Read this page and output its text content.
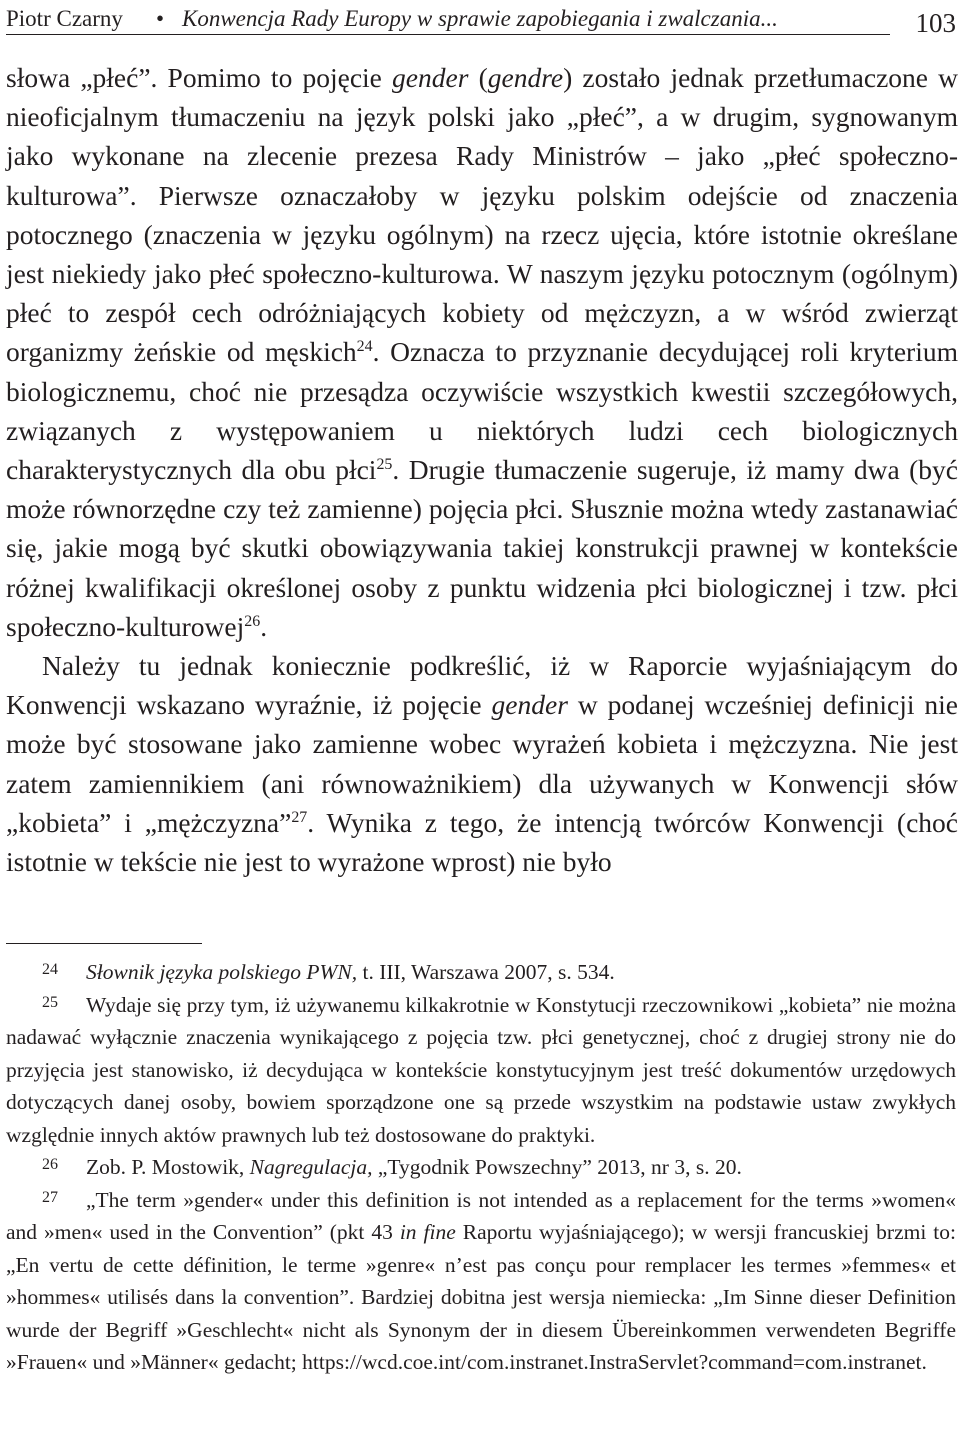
Piotr Czarny • Konwencja Rady Europy w sprawie zapobiegania i zwalczania...	103

słowa „płeć”. Pomimo to pojęcie gender (gendre) zostało jednak przetłumaczone w nieoficjalnym tłumaczeniu na język polski jako „płeć”, a w drugim, sygnowanym jako wykonane na zlecenie prezesa Rady Ministrów – jako „płeć społeczno-kulturowa”. Pierwsze oznaczałoby w języku polskim odejście od znaczenia potocznego (znaczenia w języku ogólnym) na rzecz ujęcia, które istotnie określane jest niekiedy jako płeć społeczno-kulturowa. W naszym języku potocznym (ogólnym) płeć to zespół cech odróżniających kobiety od mężczyzn, a w wśród zwierząt organizmy żeńskie od męskich$^{24}$. Oznacza to przyznanie decydującej roli kryterium biologicznemu, choć nie przesądza oczywiście wszystkich kwestii szczegółowych, związanych z występowaniem u niektórych ludzi cech biologicznych charakterystycznych dla obu płci$^{25}$. Drugie tłumaczenie sugeruje, iż mamy dwa (być może równorzędne czy też zamienne) pojęcia płci. Słusznie można wtedy zastanawiać się, jakie mogą być skutki obowiązywania takiej konstrukcji prawnej w kontekście różnej kwalifikacji określonej osoby z punktu widzenia płci biologicznej i tzw. płci społeczno-kulturowej$^{26}$.

Należy tu jednak koniecznie podkreślić, iż w Raporcie wyjaśniającym do Konwencji wskazano wyraźnie, iż pojęcie gender w podanej wcześniej definicji nie może być stosowane jako zamienne wobec wyrażeń kobieta i mężczyzna. Nie jest zatem zamiennikiem (ani równoważnikiem) dla używanych w Konwencji słów „kobieta” i „mężczyzna”$^{27}$. Wynika z tego, że intencją twórców Konwencji (choć istotnie w tekście nie jest to wyrażone wprost) nie było

24 Słownik języka polskiego PWN, t. III, Warszawa 2007, s. 534.

25 Wydaje się przy tym, iż używanemu kilkakrotnie w Konstytucji rzeczownikowi „kobieta” nie można nadawać wyłącznie znaczenia wynikającego z pojęcia tzw. płci genetycznej, choć z drugiej strony nie do przyjęcia jest stanowisko, iż decydująca w kontekście konstytucyjnym jest treść dokumentów urzędowych dotyczących danej osoby, bowiem sporządzone one są przede wszystkim na podstawie ustaw zwykłych względnie innych aktów prawnych lub też dostosowane do praktyki.

26 Zob. P. Mostowik, Nagregulacja, „Tygodnik Powszechny” 2013, nr 3, s. 20.

27 „The term »gender« under this definition is not intended as a replacement for the terms »women« and »men« used in the Convention” (pkt 43 in fine Raportu wyjaśniającego); w wersji francuskiej brzmi to: „En vertu de cette définition, le terme »genre« n’est pas conçu pour remplacer les termes »femmes« et »hommes« utilisés dans la convention”. Bardziej dobitna jest wersja niemiecka: „Im Sinne dieser Definition wurde der Begriff »Geschlecht« nicht als Synonym der in diesem Übereinkommen verwendeten Begriffe »Frauen« und »Männer« gedacht; https://wcd.coe.int/com.instranet.InstraServlet?command=com.instranet.
